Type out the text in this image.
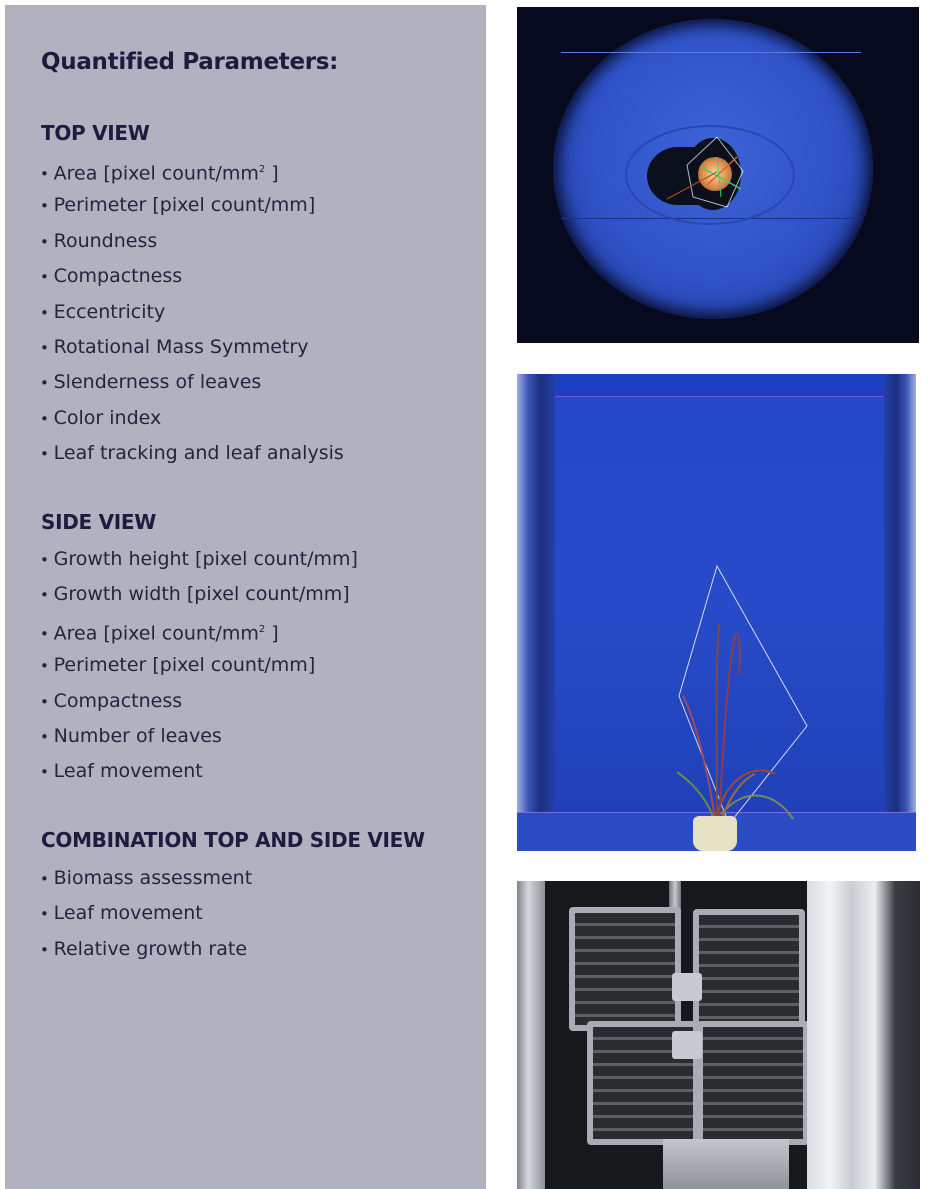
Quantified Parameters:
TOP VIEW
• Area [pixel count/$mm^2$ ]
• Perimeter [pixel count/mm]
• Roundness
• Compactness
• Eccentricity
• Rotational Mass Symmetry
• Slenderness of leaves
• Color index
• Leaf tracking and leaf analysis
SIDE VIEW
• Growth height [pixel count/mm]
• Growth width [pixel count/mm]
• Area [pixel count/$mm^2$ ]
• Perimeter [pixel count/mm]
• Compactness
• Number of leaves
• Leaf movement
COMBINATION TOP AND SIDE VIEW
• Biomass assessment
• Leaf movement
• Relative growth rate
